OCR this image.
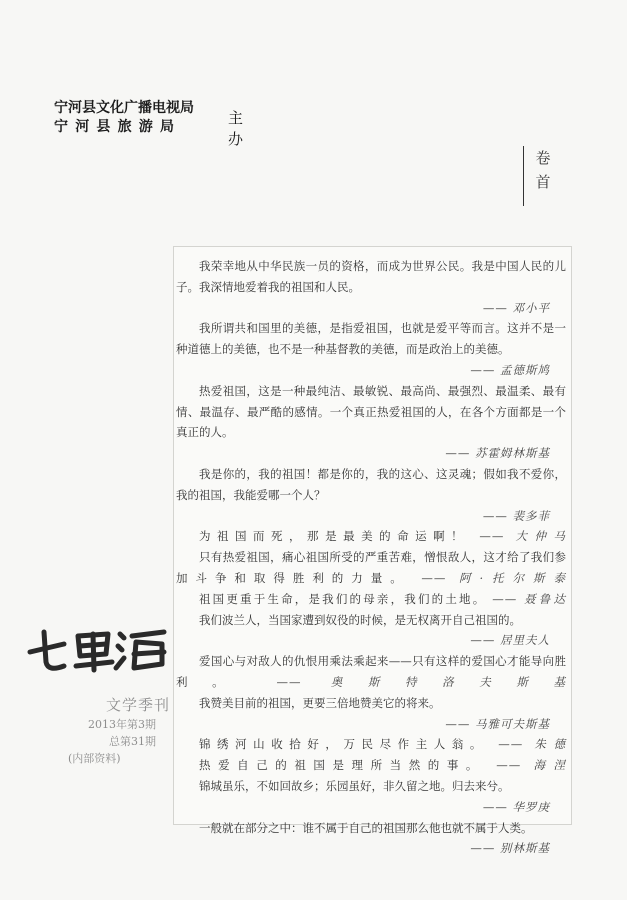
宁河县文化广播电视局
宁河县旅游局	主办
卷
首
我荣幸地从中华民族一员的资格，而成为世界公民。我是中国人民的儿子。我深情地爱着我的祖国和人民。
—— 邓小平
我所谓共和国里的美德，是指爱祖国，也就是爱平等而言。这并不是一种道德上的美德，也不是一种基督教的美德，而是政治上的美德。
—— 孟德斯鸠
热爱祖国，这是一种最纯洁、最敏锐、最高尚、最强烈、最温柔、最有情、最温存、最严酷的感情。一个真正热爱祖国的人，在各个方面都是一个真正的人。
—— 苏霍姆林斯基
我是你的，我的祖国！都是你的，我的这心、这灵魂；假如我不爱你，我的祖国，我能爱哪一个人？
—— 裴多菲
为祖国而死，那是最美的命运啊！ —— 大仲马
只有热爱祖国，痛心祖国所受的严重苦难，憎恨敌人，这才给了我们参加斗争和取得胜利的力量。 —— 阿·托尔斯泰
祖国更重于生命，是我们的母亲，我们的土地。 —— 聂鲁达
我们波兰人，当国家遭到奴役的时候，是无权离开自己祖国的。
—— 居里夫人
爱国心与对敌人的仇恨用乘法乘起来——只有这样的爱国心才能导向胜利。 —— 奥斯特洛夫斯基
我赞美目前的祖国，更要三倍地赞美它的将来。
—— 马雅可夫斯基
锦绣河山收拾好，万民尽作主人翁。 —— 朱德
热爱自己的祖国是理所当然的事。 —— 海涅
锦城虽乐，不如回故乡；乐园虽好，非久留之地。归去来兮。
—— 华罗庚
一般就在部分之中：谁不属于自己的祖国那么他也就不属于人类。
—— 别林斯基
文学季刊
2013年第3期
总第31期
(内部资料)
